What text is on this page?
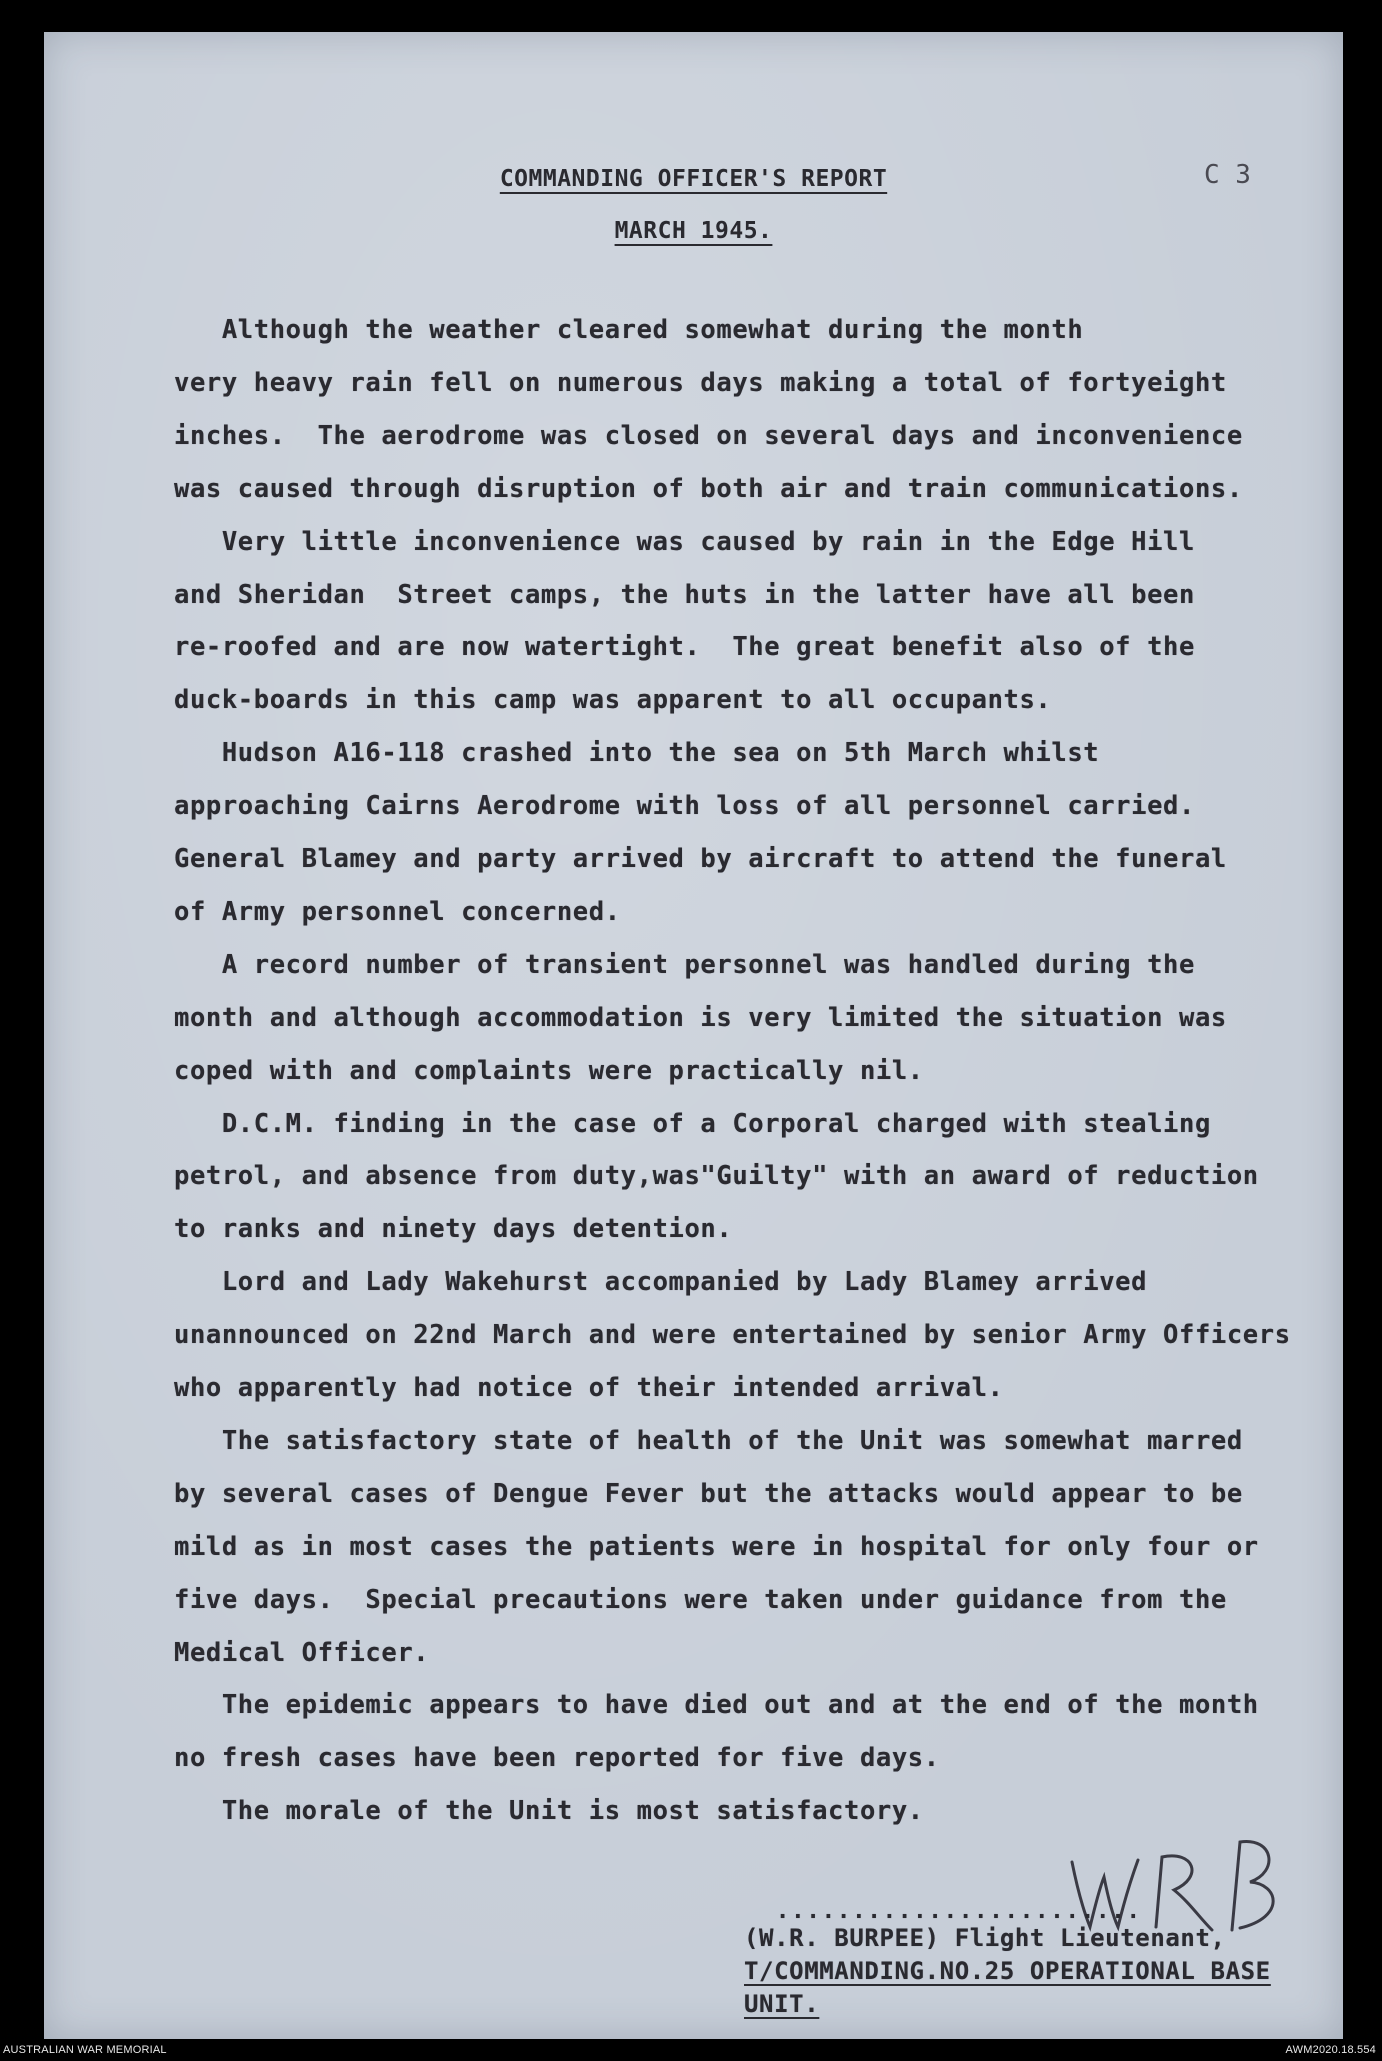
COMMANDING OFFICER'S REPORT
MARCH 1945.
C 3
Although the weather cleared somewhat during the month
very heavy rain fell on numerous days making a total of fortyeight
inches.  The aerodrome was closed on several days and inconvenience
was caused through disruption of both air and train communications.
Very little inconvenience was caused by rain in the Edge Hill
and Sheridan  Street camps, the huts in the latter have all been
re-roofed and are now watertight.  The great benefit also of the
duck-boards in this camp was apparent to all occupants.
Hudson A16-118 crashed into the sea on 5th March whilst
approaching Cairns Aerodrome with loss of all personnel carried.
General Blamey and party arrived by aircraft to attend the funeral
of Army personnel concerned.
A record number of transient personnel was handled during the
month and although accommodation is very limited the situation was
coped with and complaints were practically nil.
D.C.M. finding in the case of a Corporal charged with stealing
petrol, and absence from duty,was"Guilty" with an award of reduction
to ranks and ninety days detention.
Lord and Lady Wakehurst accompanied by Lady Blamey arrived
unannounced on 22nd March and were entertained by senior Army Officers
who apparently had notice of their intended arrival.
The satisfactory state of health of the Unit was somewhat marred
by several cases of Dengue Fever but the attacks would appear to be
mild as in most cases the patients were in hospital for only four or
five days.  Special precautions were taken under guidance from the
Medical Officer.
The epidemic appears to have died out and at the end of the month
no fresh cases have been reported for five days.
The morale of the Unit is most satisfactory.
........................
(W.R. BURPEE) Flight Lieutenant,
T/COMMANDING.NO.25 OPERATIONAL BASE
UNIT.
AUSTRALIAN WAR MEMORIAL	AWM2020.18.554
